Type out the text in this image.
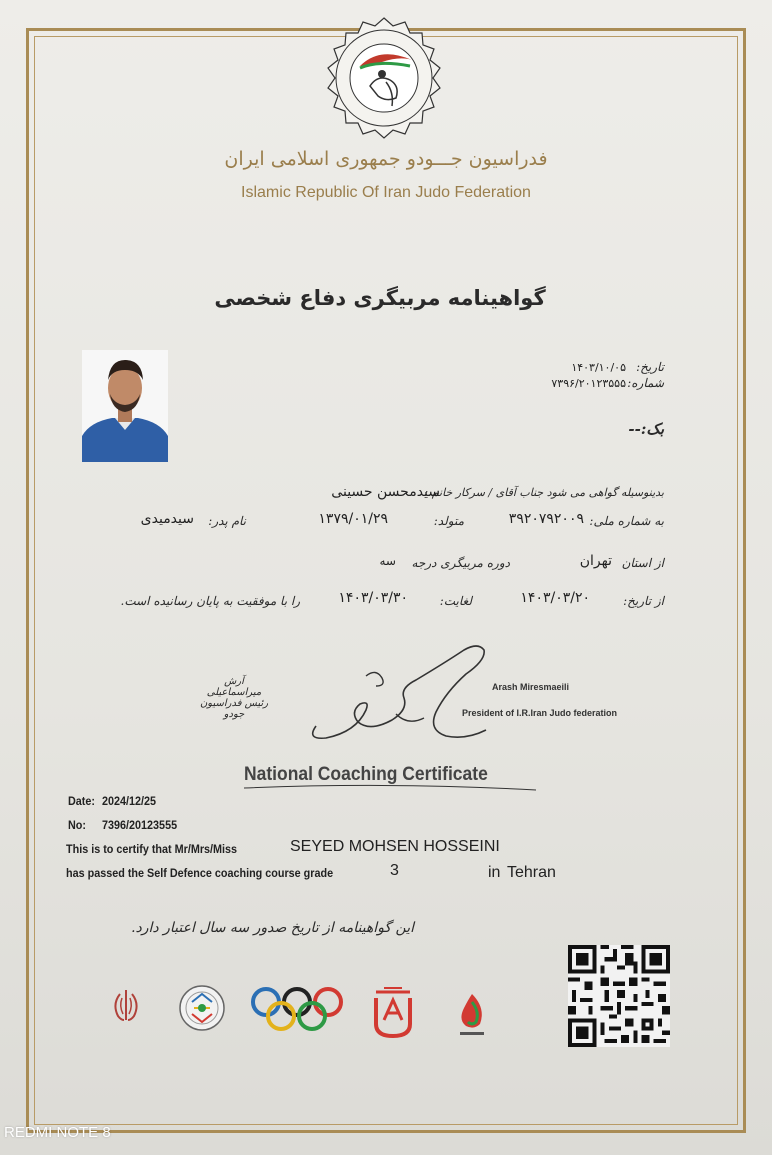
فدراسیون جـــودو جمهوری اسلامی ایران
Islamic Republic Of Iran Judo Federation
گواهینامه مربیگری دفاع شخصی
تاریخ:
۱۴۰۳/۱۰/۰۵
شماره:
۷۳۹۶/۲۰۱۲۳۵۵۵
بک:--
بدینوسیله گواهی می شود جناب آقای / سرکار خانم :
سیدمحسن حسینی
به شماره ملی:
۳۹۲۰۷۹۲۰۰۹
متولد:
۱۳۷۹/۰۱/۲۹
نام پدر:
سیدمیدی
از استان
تهران
دوره مربیگری درجه
سه
از تاریخ:
۱۴۰۳/۰۳/۲۰
لغایت:
۱۴۰۳/۰۳/۳۰
را با موفقیت به پایان رسانیده است.
آرش میراسماعیلی
رئیس فدراسیون جودو
Arash Miresmaeili
President of I.R.Iran Judo federation
National Coaching Certificate
Date: 2024/12/25
No: 7396/20123555
This is to certify that Mr/Mrs/Miss	SEYED MOHSEN HOSSEINI
has passed the Self Defence coaching course grade	3	in Tehran
این گواهینامه از تاریخ صدور سه سال اعتبار دارد.
REDMI NOTE 8
